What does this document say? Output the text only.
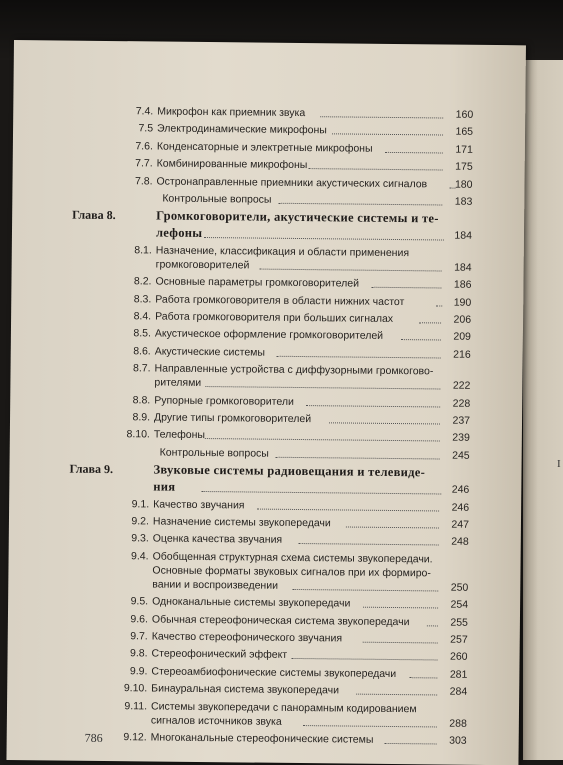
I
7.4. Микрофон как приемник звука	160
7.5 Электродинамические микрофоны	165
7.6. Конденсаторные и электретные микрофоны	171
7.7. Комбинированные микрофоны	175
7.8. Остронаправленные приемники акустических сигналов	180
Контрольные вопросы	183
Глава 8.	Громкоговорители, акустические системы и те-
лефоны	184
8.1. Назначение, классификация и области применения
громкоговорителей	184
8.2. Основные параметры громкоговорителей	186
8.3. Работа громкоговорителя в области нижних частот	190
8.4. Работа громкоговорителя при больших сигналах	206
8.5. Акустическое оформление громкоговорителей	209
8.6. Акустические системы	216
8.7. Направленные устройства с диффузорными громкогово-
рителями	222
8.8. Рупорные громкоговорители	228
8.9. Другие типы громкоговорителей	237
8.10. Телефоны	239
Контрольные вопросы	245
Глава 9.	Звуковые системы радиовещания и телевиде-
ния	246
9.1. Качество звучания	246
9.2. Назначение системы звукопередачи	247
9.3. Оценка качества звучания	248
9.4. Обобщенная структурная схема системы звукопередачи.
Основные форматы звуковых сигналов при их формиро-
вании и воспроизведении	250
9.5. Одноканальные системы звукопередачи	254
9.6. Обычная стереофоническая система звукопередачи	255
9.7. Качество стереофонического звучания	257
9.8. Стереофонический эффект	260
9.9. Стереоамбиофонические системы звукопередачи	281
9.10. Бинауральная система звукопередачи	284
9.11. Системы звукопередачи с панорамным кодированием
сигналов источников звука	288
9.12. Многоканальные стереофонические системы	303
786
